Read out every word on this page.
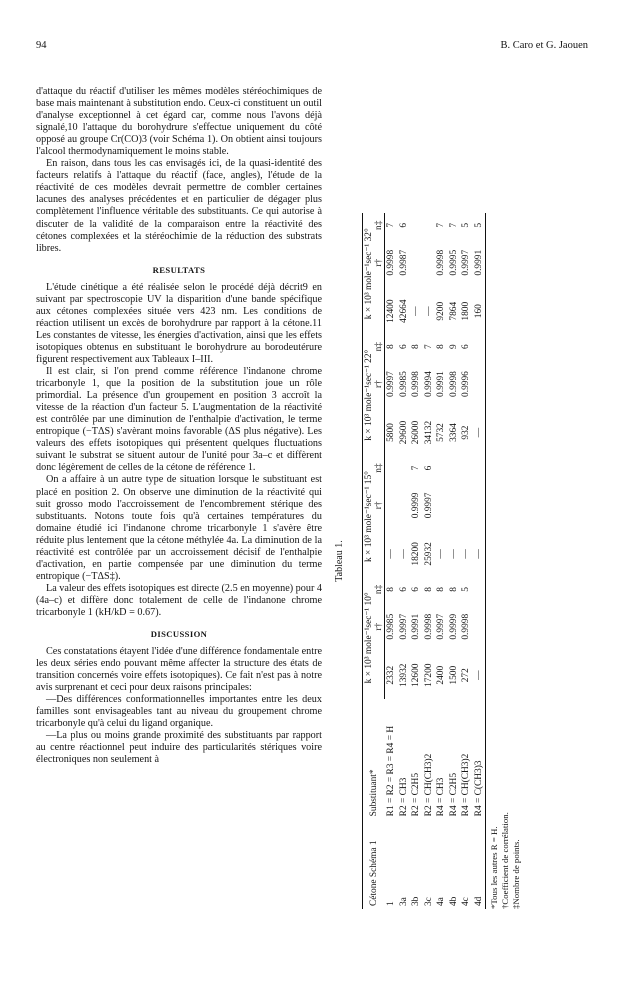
94	B. Caro et G. Jaouen

d'attaque du réactif d'utiliser les mêmes modèles stéréochimiques de base mais maintenant à substitution endo. Ceux-ci constituent un outil d'analyse exceptionnel à cet égard car, comme nous l'avons déjà signalé,10 l'attaque du borohydrure s'effectue uniquement du côté opposé au groupe Cr(CO)3 (voir Schéma 1). On obtient ainsi toujours l'alcool thermodynamiquement le moins stable.

En raison, dans tous les cas envisagés ici, de la quasi-identité des facteurs relatifs à l'attaque du réactif (face, angles), l'étude de la réactivité de ces modèles devrait permettre de combler certaines lacunes des analyses précédentes et en particulier de dégager plus complètement l'influence véritable des substituants. Ce qui autorise à discuter de la validité de la comparaison entre la réactivité des cétones complexées et la stéréochimie de la réduction des substrats libres.

RESULTATS

L'étude cinétique a été réalisée selon le procédé déjà décrit9 en suivant par spectroscopie UV la disparition d'une bande spécifique aux cétones complexées située vers 423 nm. Les conditions de réaction utilisent un excès de borohydrure par rapport à la cétone.11 Les constantes de vitesse, les énergies d'activation, ainsi que les effets isotopiques obtenus en substituant le borohydrure au borodeutérure figurent respectivement aux Tableaux I–III.

Il est clair, si l'on prend comme référence l'indanone chrome tricarbonyle 1, que la position de la substitution joue un rôle primordial. La présence d'un groupement en position 3 accroît la vitesse de la réaction d'un facteur 5. L'augmentation de la réactivité est contrôlée par une diminution de l'enthalpie d'activation, le terme entropique (−TΔS) s'avèrant moins favorable (ΔS plus négative). Les valeurs des effets isotopiques qui présentent quelques fluctuations suivant le substrat se situent autour de l'unité pour 3a–c et diffèrent donc légèrement de celles de la cétone de référence 1.

On a affaire à un autre type de situation lorsque le substituant est placé en position 2. On observe une diminution de la réactivité qui suit grosso modo l'accroissement de l'encombrement stérique des substituants. Notons toute fois qu'à certaines températures du domaine étudié ici l'indanone chrome tricarbonyle 1 s'avère être réduite plus lentement que la cétone méthylée 4a. La diminution de la réactivité est contrôlée par un accroissement décisif de l'enthalpie d'activation, en partie compensée par une diminution du terme entropique (−TΔS‡).

La valeur des effets isotopiques est directe (2.5 en moyenne) pour 4 (4a–c) et diffère donc totalement de celle de l'indanone chrome tricarbonyle 1 (kH/kD = 0.67).

DISCUSSION

Ces constatations étayent l'idée d'une différence fondamentale entre les deux séries endo pouvant même affecter la structure des états de transition concernés voire effets isotopiques). Ce fait n'est pas à notre avis surprenant et ceci pour deux raisons principales:

—Des différences conformationnelles importantes entre les deux familles sont envisageables tant au niveau du groupement chrome tricarbonyle qu'à celui du ligand organique.

—La plus ou moins grande proximité des substituants par rapport au centre réactionnel peut induire des particularités stériques voire électroniques non seulement à

Tableau 1.
Cétone Schéma 1	Substituant*	k × 10³ mole⁻¹sec⁻¹ 10°			k × 10³ mole⁻¹sec⁻¹ 15°			k × 10³ mole⁻¹sec⁻¹ 22°			k × 10³ mole⁻¹sec⁻¹ 32°		
			r†	n‡		r†	n‡		r†	n‡		r†	n‡
1	R1 = R2 = R3 = R4 = H	2332	0.9985	8	—			5800	0.9997	8	12400	0.9998	7
3a	R2 = CH3	13932	0.9997	6	—			29600	0.9985	6	42664	0.9987	6
3b	R2 = C2H5	12600	0.9991	6	18200	0.9999	7	26000	0.9998	8	—		
3c	R2 = CH(CH3)2	17200	0.9998	8	25932	0.9997	6	34132	0.9994	7	—		
4a	R4 = CH3	2400	0.9997	8	—			5732	0.9991	8	9200	0.9998	7
4b	R4 = C2H5	1500	0.9999	8	—			3364	0.9998	9	7864	0.9995	7
4c	R4 = CH(CH3)2	272	0.9998	5	—			932	0.9996	6	1800	0.9997	5
4d	R4 = C(CH3)3	—			—			—			160	0.9991	5
*Tous les autres R = H. †Coefficient de corrélation. ‡Nombre de points.
